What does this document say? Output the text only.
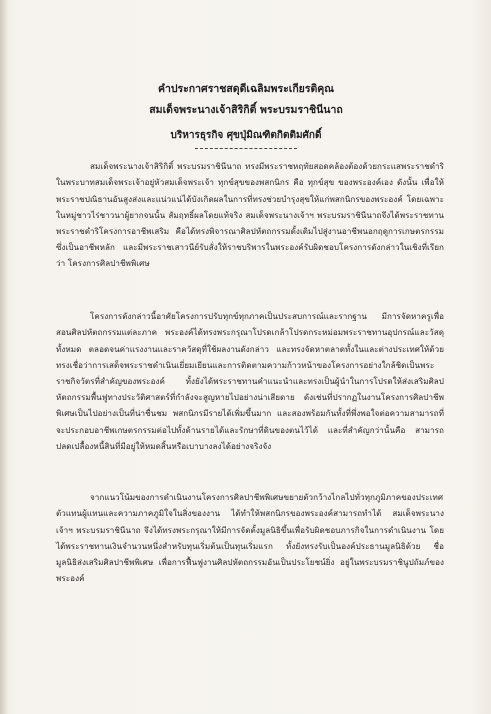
คำประกาศราชสดุดีเฉลิมพระเกียรติคุณ
สมเด็จพระนางเจ้าสิริกิติ์ พระบรมราชินีนาถ
บริหารธุรกิจ ศุขปุ่มิณฑิตกิตติมศักดิ์

สมเด็จพระนางเจ้าสิริกิติ์ พระบรมราชินีนาถ ทรงมีพระราชหฤทัยสอดคล้องต้องด้วยกระแสพระราชดำริในพระบาทสมเด็จพระเจ้าอยู่หัวสมเด็จพระเจ้า ทุกข์สุขของพสกนิกร คือ ทุกข์สุข ของพระองค์เอง ดังนั้น เพื่อให้พระราชปณิธานอันสูงส่งและแน่วแน่ได้บังเกิดผลในการที่ทรงช่วยบำรุงสุขให้แก่พสกนิกรของพระองค์ โดยเฉพาะในหมู่ชาวไร่ชาวนาผู้ยากจนนั้น สัมฤทธิ์ผลโดยแท้จริง สมเด็จพระนางเจ้าฯ พระบรมราชินีนาถจึงได้พระราชทานพระราชดำริโครงการอาชีพเสริม คือได้ทรงพิจารณาศิลปหัตถกรรมดั้งเดิมไปสู่งานอาชีพนอกฤดูการเกษตรกรรม ซึ่งเป็นอาชีพหลัก และมีพระราชเสาวนีย์รับสั่งให้ราชบริพารในพระองค์รับผิดชอบโครงการดังกล่าวในเชิงที่เรียกว่า โครงการศิลปาชีพพิเศษ

โครงการดังกล่าวนี้อาศัยโครงการปรับทุกข์ทุกภาคเป็นประสบการณ์และรากฐาน มีการจัดหาครูเพื่อสอนศิลปหัตถกรรมแต่ละภาค พระองค์ได้ทรงพระกรุณาโปรดเกล้าโปรดกระหม่อมพระราชทานอุปกรณ์และวัสดุทั้งหมด ตลอดจนค่าแรงงานและราควัสดุที่ใช้ผลงานดังกล่าว และทรงจัดหาตลาดทั้งในและต่างประเทศให้ด้วย ทรงเชื่อว่าการเสด็จพระราชดำเนินเยี่ยมเยียนและการติดตามความก้าวหน้าของโครงการอย่างใกล้ชิดเป็นพระราชกิจวัตรที่สำคัญของพระองค์ ทั้งยังได้พระราชทานคำแนะนำและทรงเป็นผู้นำในการโปรดให้ส่งเสริมศิลปหัตถกรรมพื้นฟูทางประวัติศาสตร์ที่กำลังจะสูญหายไปอย่างน่าเสียดาย ดังเช่นที่ปรากฏในงานโครงการศิลปาชีพพิเศษเป็นไปอย่างเป็นที่น่าชื่นชม พสกนิกรมีรายได้เพิ่มขึ้นมาก และสองพร้อมกันทั้งที่พึ่งพอใจต่อความสามารถที่จะประกอบอาชีพเกษตรกรรมต่อไปทั้งด้านรายได้และรักษาที่ดินของตนไว้ได้ และที่สำคัญกว่านั้นคือ สามารถปลดเปลื้องหนี้สินที่มีอยู่ให้หมดสิ้นหรือเบาบางลงได้อย่างจริงจัง

จากแนวโน้มของการดำเนินงานโครงการศิลปาชีพพิเศษขยายตัวกว้างไกลไปทั่วทุกภูมิภาคของประเทศ ตัวแทนผู้แทนและความภาคภูมิใจในสิ่งของงาน ได้ทำให้พสกนิกรของพระองค์สามารถทำได้ สมเด็จพระนางเจ้าฯ พระบรมราชินีนาถ จึงได้ทรงพระกรุณาให้มีการจัดตั้งมูลนิธิขึ้นเพื่อรับผิดชอบภารกิจในการดำเนินงาน โดยได้พระราชทานเงินจำนวนหนึ่งสำหรับทุนเริ่มต้นเป็นทุนเริ่มแรก ทั้งยังทรงรับเป็นองค์ประธานมูลนิธิด้วย ชื่อ มูลนิธิส่งเสริมศิลปาชีพพิเศษ เพื่อการฟื้นฟูงานศิลปหัตถกรรมอันเป็นประโยชน์ยิ่ง อยู่ในพระบรมราชินูปถัมภ์ของพระองค์
